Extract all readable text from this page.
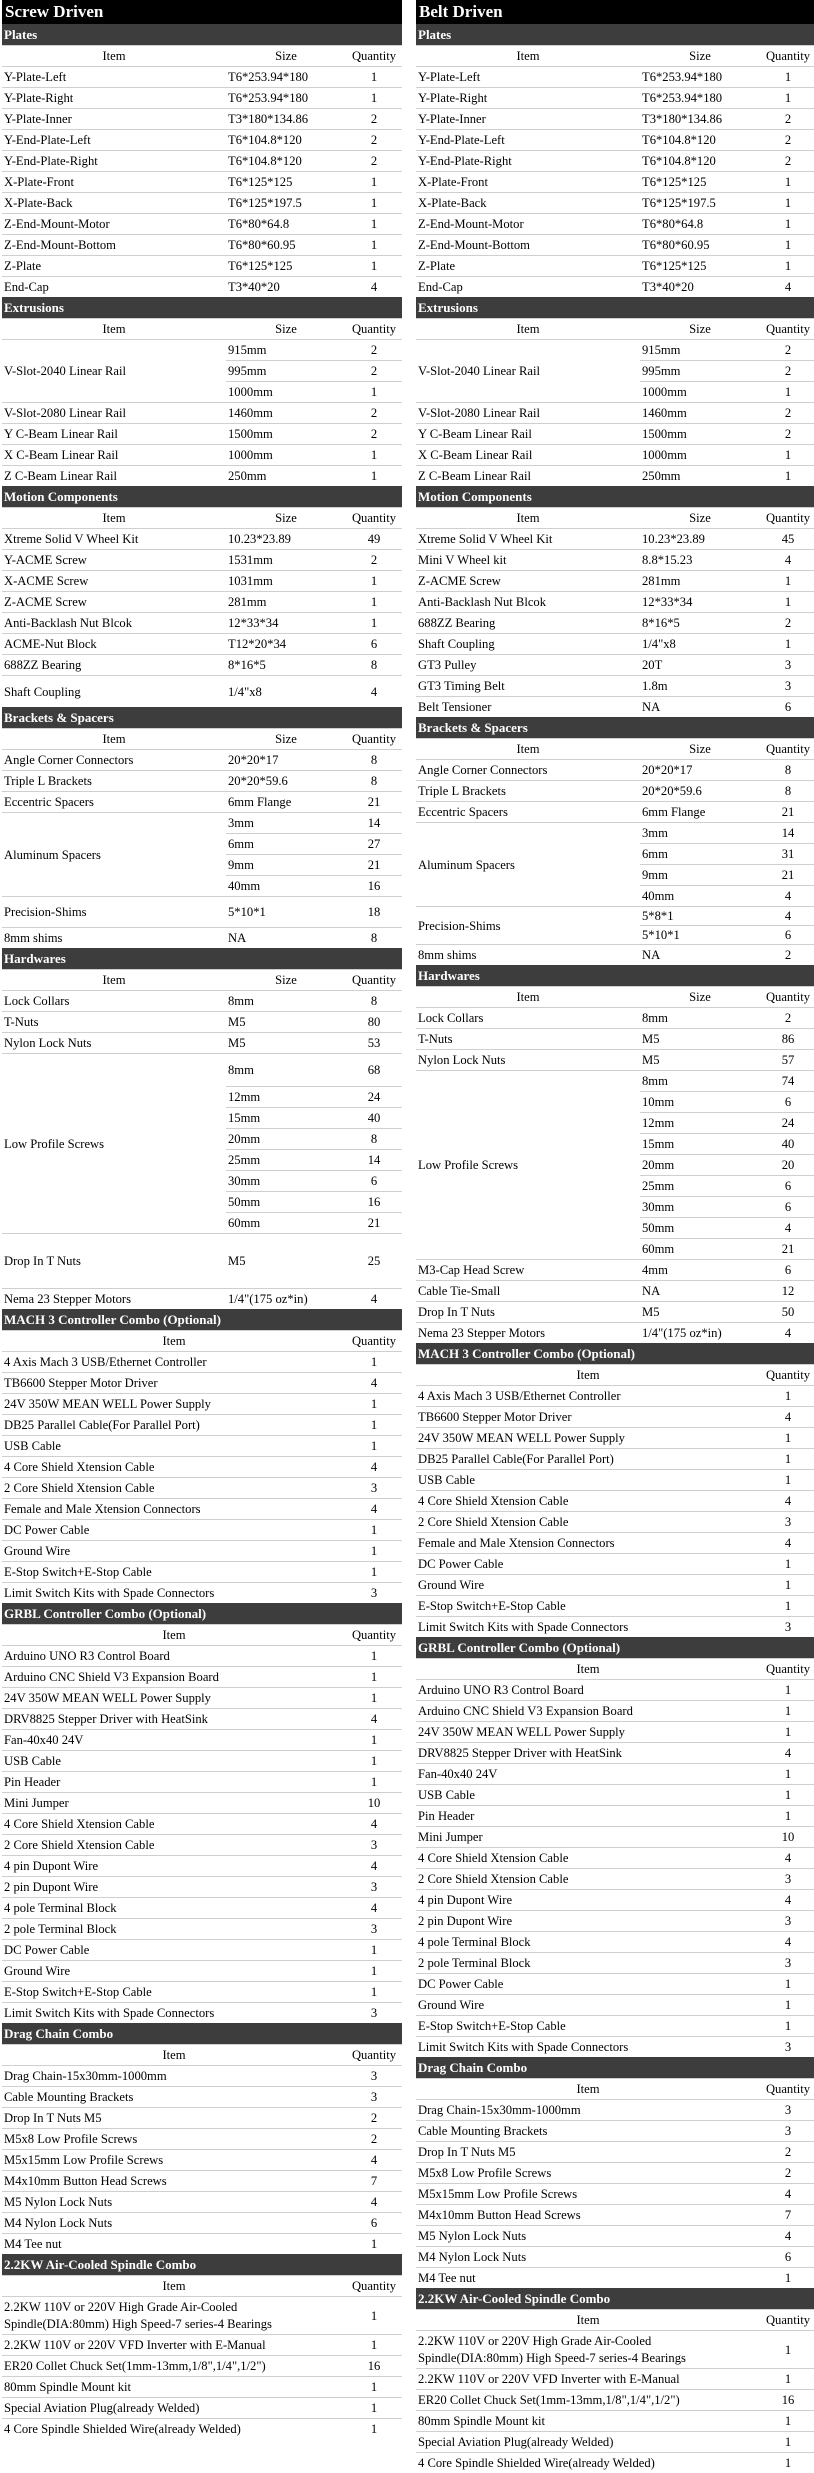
Screw Driven
Plates		
Item	Size	Quantity
Y-Plate-Left	T6*253.94*180	1
Y-Plate-Right	T6*253.94*180	1
Y-Plate-Inner	T3*180*134.86	2
Y-End-Plate-Left	T6*104.8*120	2
Y-End-Plate-Right	T6*104.8*120	2
X-Plate-Front	T6*125*125	1
X-Plate-Back	T6*125*197.5	1
Z-End-Mount-Motor	T6*80*64.8	1
Z-End-Mount-Bottom	T6*80*60.95	1
Z-Plate	T6*125*125	1
End-Cap	T3*40*20	4
Extrusions		
Item	Size	Quantity
V-Slot-2040 Linear Rail	915mm	2
	995mm	2
	1000mm	1
V-Slot-2080 Linear Rail	1460mm	2
Y C-Beam Linear Rail	1500mm	2
X C-Beam Linear Rail	1000mm	1
Z C-Beam Linear Rail	250mm	1
Motion Components		
Item	Size	Quantity
Xtreme Solid V Wheel Kit	10.23*23.89	49
Y-ACME Screw	1531mm	2
X-ACME Screw	1031mm	1
Z-ACME Screw	281mm	1
Anti-Backlash Nut Blcok	12*33*34	1
ACME-Nut Block	T12*20*34	6
688ZZ Bearing	8*16*5	8
Shaft Coupling	1/4"x8	4
Brackets & Spacers		
Item	Size	Quantity
Angle Corner Connectors	20*20*17	8
Triple L Brackets	20*20*59.6	8
Eccentric Spacers	6mm Flange	21
Aluminum Spacers	3mm	14
	6mm	27
	9mm	21
	40mm	16
Precision-Shims	5*10*1	18
8mm shims	NA	8
Hardwares		
Item	Size	Quantity
Lock Collars	8mm	8
T-Nuts	M5	80
Nylon Lock Nuts	M5	53
Low Profile Screws	8mm	68
	12mm	24
	15mm	40
	20mm	8
	25mm	14
	30mm	6
	50mm	16
	60mm	21
Drop In T Nuts	M5	25
Nema 23 Stepper Motors	1/4"(175 oz*in)	4
MACH 3 Controller Combo (Optional)		
Item		Quantity
4 Axis Mach 3 USB/Ethernet Controller		1
TB6600 Stepper Motor Driver		4
24V 350W MEAN WELL Power Supply		1
DB25 Parallel Cable(For Parallel Port)		1
USB Cable		1
4 Core Shield Xtension Cable		4
2 Core Shield Xtension Cable		3
Female and Male Xtension Connectors		4
DC Power Cable		1
Ground Wire		1
E-Stop Switch+E-Stop Cable		1
Limit Switch Kits with Spade Connectors		3
GRBL Controller Combo (Optional)		
Item		Quantity
Arduino UNO R3 Control Board		1
Arduino CNC Shield V3 Expansion Board		1
24V 350W MEAN WELL Power Supply		1
DRV8825 Stepper Driver with HeatSink		4
Fan-40x40 24V		1
USB Cable		1
Pin Header		1
Mini Jumper		10
4 Core Shield Xtension Cable		4
2 Core Shield Xtension Cable		3
4 pin Dupont Wire		4
2 pin Dupont Wire		3
4 pole Terminal Block		4
2 pole Terminal Block		3
DC Power Cable		1
Ground Wire		1
E-Stop Switch+E-Stop Cable		1
Limit Switch Kits with Spade Connectors		3
Drag Chain Combo		
Item		Quantity
Drag Chain-15x30mm-1000mm		3
Cable Mounting Brackets		3
Drop In T Nuts M5		2
M5x8 Low Profile Screws		2
M5x15mm Low Profile Screws		4
M4x10mm Button Head Screws		7
M5 Nylon Lock Nuts		4
M4 Nylon Lock Nuts		6
M4 Tee nut		1
2.2KW Air-Cooled Spindle Combo		
Item		Quantity
2.2KW 110V or 220V High Grade Air-Cooled Spindle(DIA:80mm) High Speed-7 series-4 Bearings		1
2.2KW 110V or 220V VFD Inverter with E-Manual		1
ER20 Collet Chuck Set(1mm-13mm,1/8",1/4",1/2")		16
80mm Spindle Mount kit		1
Special Aviation Plug(already Welded)		1
4 Core Spindle Shielded Wire(already Welded)		1
Belt Driven
Plates		
Item	Size	Quantity
Y-Plate-Left	T6*253.94*180	1
Y-Plate-Right	T6*253.94*180	1
Y-Plate-Inner	T3*180*134.86	2
Y-End-Plate-Left	T6*104.8*120	2
Y-End-Plate-Right	T6*104.8*120	2
X-Plate-Front	T6*125*125	1
X-Plate-Back	T6*125*197.5	1
Z-End-Mount-Motor	T6*80*64.8	1
Z-End-Mount-Bottom	T6*80*60.95	1
Z-Plate	T6*125*125	1
End-Cap	T3*40*20	4
Extrusions		
Item	Size	Quantity
V-Slot-2040 Linear Rail	915mm	2
	995mm	2
	1000mm	1
V-Slot-2080 Linear Rail	1460mm	2
Y C-Beam Linear Rail	1500mm	2
X C-Beam Linear Rail	1000mm	1
Z C-Beam Linear Rail	250mm	1
Motion Components		
Item	Size	Quantity
Xtreme Solid V Wheel Kit	10.23*23.89	45
Mini V Wheel kit	8.8*15.23	4
Z-ACME Screw	281mm	1
Anti-Backlash Nut Blcok	12*33*34	1
688ZZ Bearing	8*16*5	2
Shaft Coupling	1/4"x8	1
GT3 Pulley	20T	3
GT3 Timing Belt	1.8m	3
Belt Tensioner	NA	6
Brackets & Spacers		
Item	Size	Quantity
Angle Corner Connectors	20*20*17	8
Triple L Brackets	20*20*59.6	8
Eccentric Spacers	6mm Flange	21
Aluminum Spacers	3mm	14
	6mm	31
	9mm	21
	40mm	4
Precision-Shims	5*8*1	4
	5*10*1	6
8mm shims	NA	2
Hardwares		
Item	Size	Quantity
Lock Collars	8mm	2
T-Nuts	M5	86
Nylon Lock Nuts	M5	57
Low Profile Screws	8mm	74
	10mm	6
	12mm	24
	15mm	40
	20mm	20
	25mm	6
	30mm	6
	50mm	4
	60mm	21
M3-Cap Head Screw	4mm	6
Cable Tie-Small	NA	12
Drop In T Nuts	M5	50
Nema 23 Stepper Motors	1/4"(175 oz*in)	4
MACH 3 Controller Combo (Optional)		
Item		Quantity
4 Axis Mach 3 USB/Ethernet Controller		1
TB6600 Stepper Motor Driver		4
24V 350W MEAN WELL Power Supply		1
DB25 Parallel Cable(For Parallel Port)		1
USB Cable		1
4 Core Shield Xtension Cable		4
2 Core Shield Xtension Cable		3
Female and Male Xtension Connectors		4
DC Power Cable		1
Ground Wire		1
E-Stop Switch+E-Stop Cable		1
Limit Switch Kits with Spade Connectors		3
GRBL Controller Combo (Optional)		
Item		Quantity
Arduino UNO R3 Control Board		1
Arduino CNC Shield V3 Expansion Board		1
24V 350W MEAN WELL Power Supply		1
DRV8825 Stepper Driver with HeatSink		4
Fan-40x40 24V		1
USB Cable		1
Pin Header		1
Mini Jumper		10
4 Core Shield Xtension Cable		4
2 Core Shield Xtension Cable		3
4 pin Dupont Wire		4
2 pin Dupont Wire		3
4 pole Terminal Block		4
2 pole Terminal Block		3
DC Power Cable		1
Ground Wire		1
E-Stop Switch+E-Stop Cable		1
Limit Switch Kits with Spade Connectors		3
Drag Chain Combo		
Item		Quantity
Drag Chain-15x30mm-1000mm		3
Cable Mounting Brackets		3
Drop In T Nuts M5		2
M5x8 Low Profile Screws		2
M5x15mm Low Profile Screws		4
M4x10mm Button Head Screws		7
M5 Nylon Lock Nuts		4
M4 Nylon Lock Nuts		6
M4 Tee nut		1
2.2KW Air-Cooled Spindle Combo		
Item		Quantity
2.2KW 110V or 220V High Grade Air-Cooled Spindle(DIA:80mm) High Speed-7 series-4 Bearings		1
2.2KW 110V or 220V VFD Inverter with E-Manual		1
ER20 Collet Chuck Set(1mm-13mm,1/8",1/4",1/2")		16
80mm Spindle Mount kit		1
Special Aviation Plug(already Welded)		1
4 Core Spindle Shielded Wire(already Welded)		1
